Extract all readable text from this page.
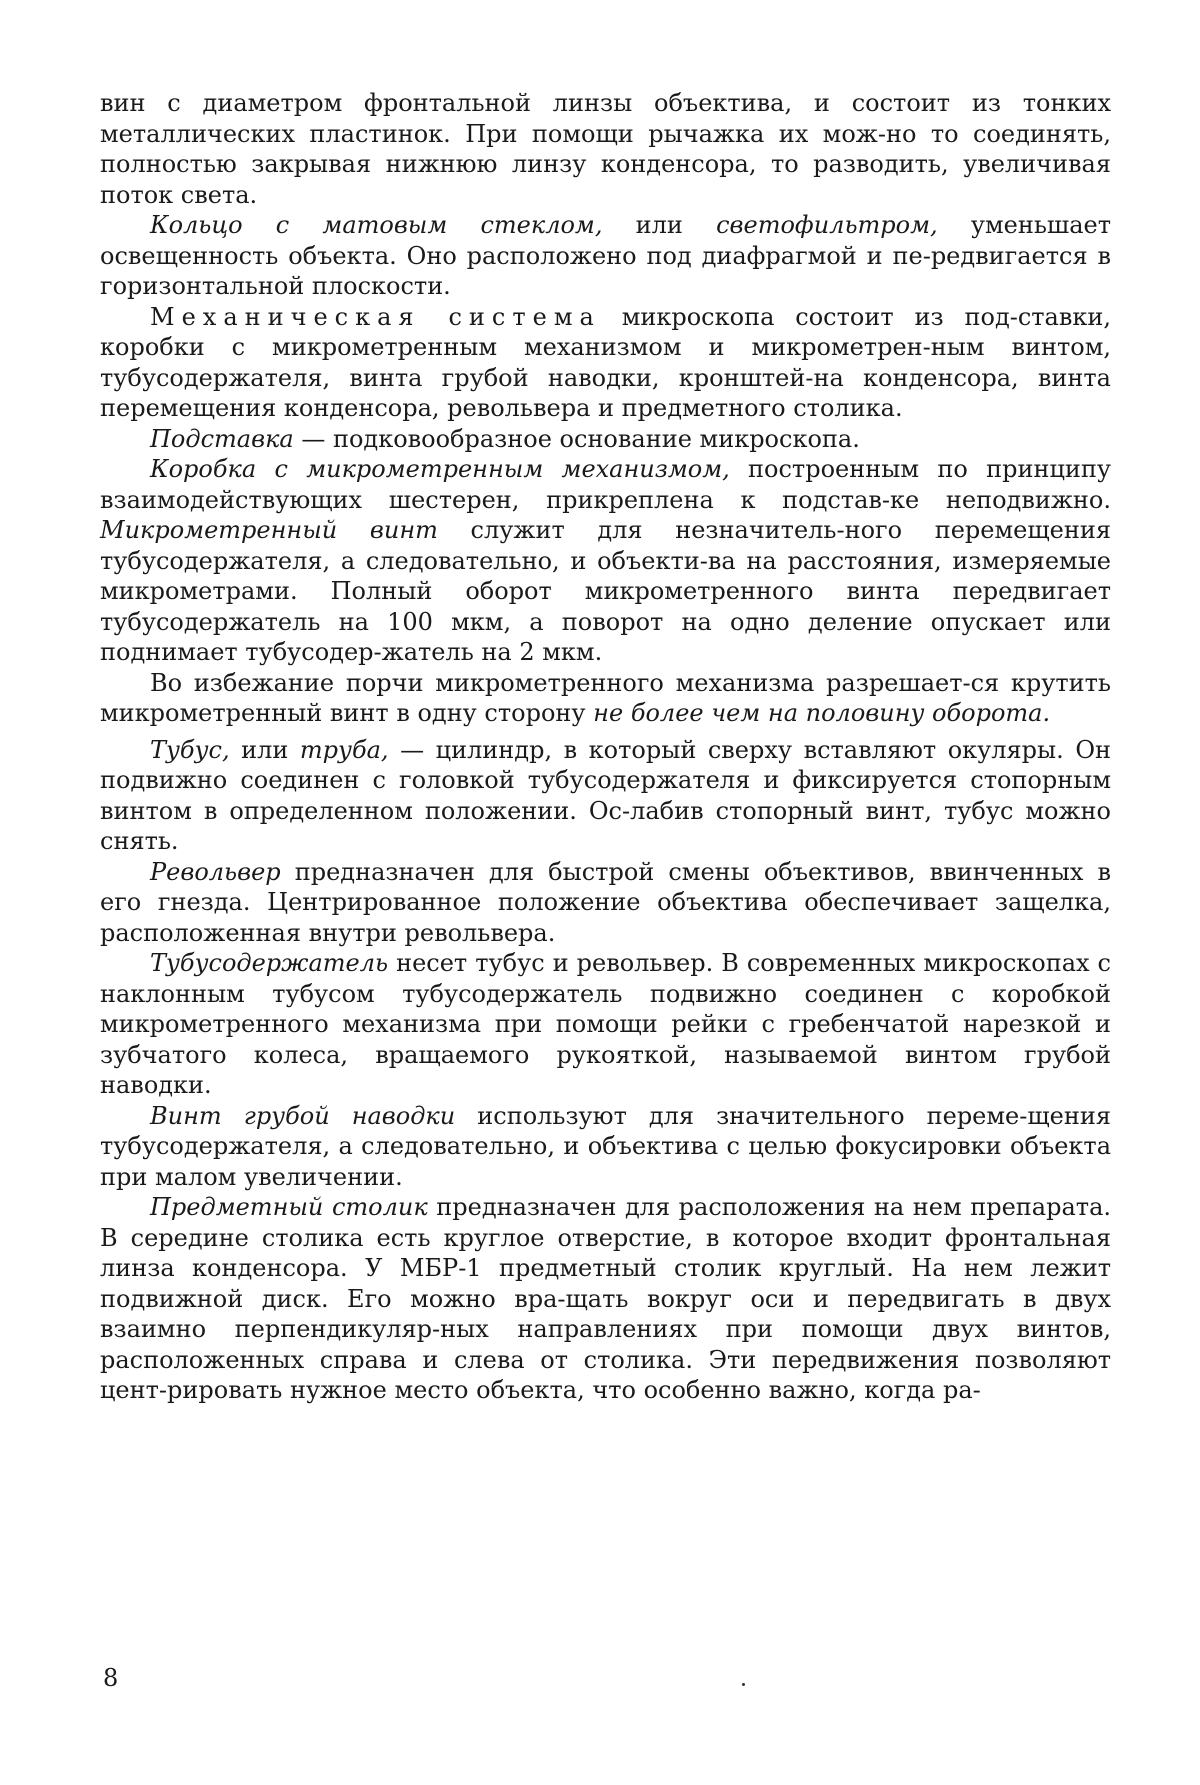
вин с диаметром фронтальной линзы объектива, и состоит из тонких металлических пластинок. При помощи рычажка их мож-но то соединять, полностью закрывая нижнюю линзу конденсора, то разводить, увеличивая поток света.

Кольцо с матовым стеклом, или светофильтром, уменьшает освещенность объекта. Оно расположено под диафрагмой и пе-редвигается в горизонтальной плоскости.

Механическая система микроскопа состоит из под-ставки, коробки с микрометренным механизмом и микрометрен-ным винтом, тубусодержателя, винта грубой наводки, кронштей-на конденсора, винта перемещения конденсора, револьвера и предметного столика.

Подставка — подковообразное основание микроскопа.

Коробка с микрометренным механизмом, построенным по принципу взаимодействующих шестерен, прикреплена к подстав-ке неподвижно. Микрометренный винт служит для незначитель-ного перемещения тубусодержателя, а следовательно, и объекти-ва на расстояния, измеряемые микрометрами. Полный оборот микрометренного винта передвигает тубусодержатель на 100 мкм, а поворот на одно деление опускает или поднимает тубусодер-жатель на 2 мкм.

Во избежание порчи микрометренного механизма разрешает-ся крутить микрометренный винт в одну сторону не более чем на половину оборота.

Тубус, или труба, — цилиндр, в который сверху вставляют окуляры. Он подвижно соединен с головкой тубусодержателя и фиксируется стопорным винтом в определенном положении. Ос-лабив стопорный винт, тубус можно снять.

Револьвер предназначен для быстрой смены объективов, ввинченных в его гнезда. Центрированное положение объектива обеспечивает защелка, расположенная внутри револьвера.

Тубусодержатель несет тубус и револьвер. В современных микроскопах с наклонным тубусом тубусодержатель подвижно соединен с коробкой микрометренного механизма при помощи рейки с гребенчатой нарезкой и зубчатого колеса, вращаемого рукояткой, называемой винтом грубой наводки.

Винт грубой наводки используют для значительного переме-щения тубусодержателя, а следовательно, и объектива с целью фокусировки объекта при малом увеличении.

Предметный столик предназначен для расположения на нем препарата. В середине столика есть круглое отверстие, в которое входит фронтальная линза конденсора. У МБР-1 предметный столик круглый. На нем лежит подвижной диск. Его можно вра-щать вокруг оси и передвигать в двух взаимно перпендикуляр-ных направлениях при помощи двух винтов, расположенных справа и слева от столика. Эти передвижения позволяют цент-рировать нужное место объекта, что особенно важно, когда ра-

8
